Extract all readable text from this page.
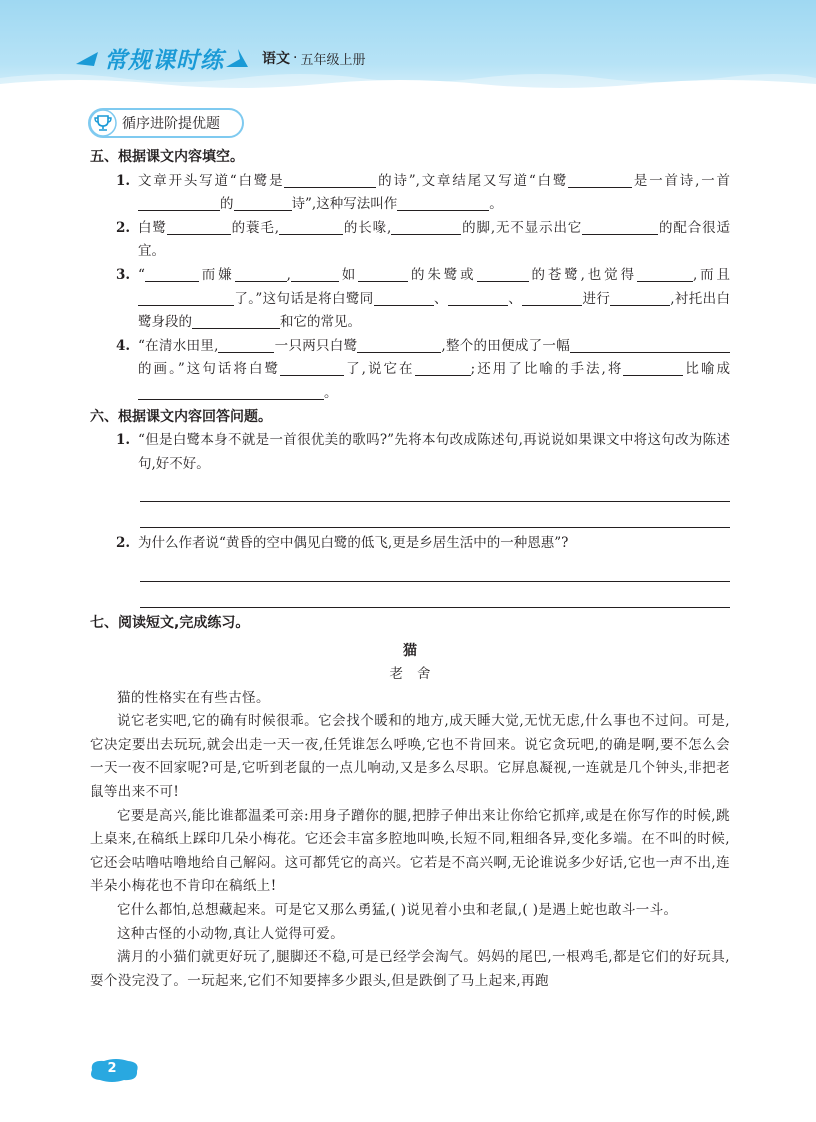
常规课时练	语文 · 五年级上册
循序进阶提优题
五、根据课文内容填空。
1. 文章开头写道“白鹭是	的诗”,文章结尾又写道“白鹭	是一首诗,一首的	诗”,这种写法叫作	。
2. 白鹭	的蓑毛,	的长喙,	的脚,无不显示出它	的配合很适宜。
3. “	而嫌	,	如	的朱鹭或	的苍鹭,也觉得	,而且了。”这句话是将白鹭同	、	、	进行	,衬托出白鹭身段的	和它的常见。
4. “在清水田里,	一只两只白鹭	,整个的田便成了一幅的画。”这句话将白鹭	了,说它在	;还用了比喻的手法,将	比喻成。
六、根据课文内容回答问题。
1. “但是白鹭本身不就是一首很优美的歌吗?”先将本句改成陈述句,再说说如果课文中将这句改为陈述句,好不好。
2. 为什么作者说“黄昏的空中偶见白鹭的低飞,更是乡居生活中的一种恩惠”?
七、阅读短文,完成练习。
猫
老舍
猫的性格实在有些古怪。
说它老实吧,它的确有时候很乖。它会找个暖和的地方,成天睡大觉,无忧无虑,什么事也不过问。可是,它决定要出去玩玩,就会出走一天一夜,任凭谁怎么呼唤,它也不肯回来。说它贪玩吧,的确是啊,要不怎么会一天一夜不回家呢?可是,它听到老鼠的一点儿响动,又是多么尽职。它屏息凝视,一连就是几个钟头,非把老鼠等出来不可!
它要是高兴,能比谁都温柔可亲:用身子蹭你的腿,把脖子伸出来让你给它抓痒,或是在你写作的时候,跳上桌来,在稿纸上踩印几朵小梅花。它还会丰富多腔地叫唤,长短不同,粗细各异,变化多端。在不叫的时候,它还会咕噜咕噜地给自己解闷。这可都凭它的高兴。它若是不高兴啊,无论谁说多少好话,它也一声不出,连半朵小梅花也不肯印在稿纸上!
它什么都怕,总想藏起来。可是它又那么勇猛,( )说见着小虫和老鼠,( )是遇上蛇也敢斗一斗。
这种古怪的小动物,真让人觉得可爱。
满月的小猫们就更好玩了,腿脚还不稳,可是已经学会淘气。妈妈的尾巴,一根鸡毛,都是它们的好玩具,耍个没完没了。一玩起来,它们不知要摔多少跟头,但是跌倒了马上起来,再跑
2
